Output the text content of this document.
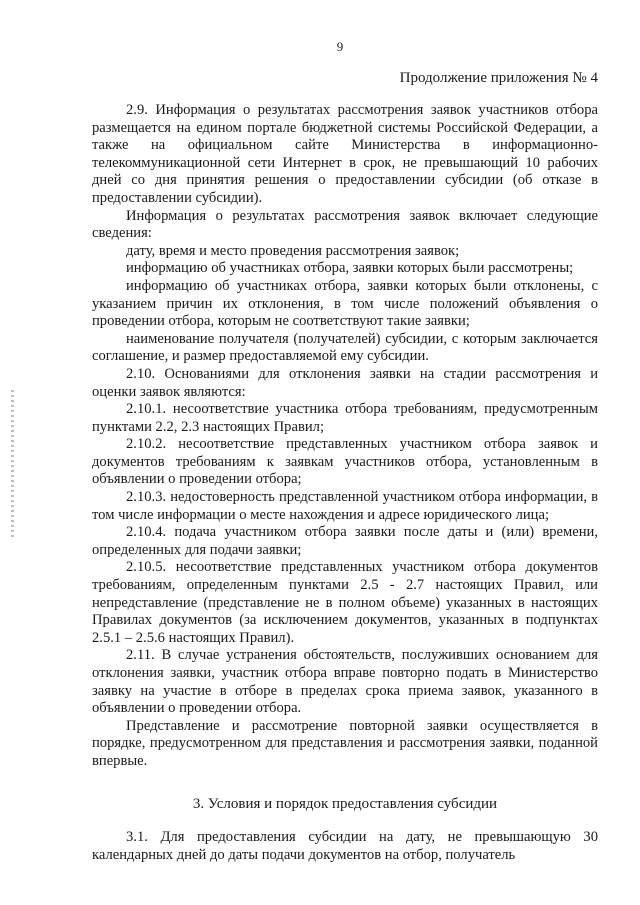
9
Продолжение приложения № 4

2.9. Информация о результатах рассмотрения заявок участников отбора размещается на едином портале бюджетной системы Российской Федерации, а также на официальном сайте Министерства в информационно-телекоммуникационной сети Интернет в срок, не превышающий 10 рабочих дней со дня принятия решения о предоставлении субсидии (об отказе в предоставлении субсидии).

Информация о результатах рассмотрения заявок включает следующие сведения:

дату, время и место проведения рассмотрения заявок;

информацию об участниках отбора, заявки которых были рассмотрены;

информацию об участниках отбора, заявки которых были отклонены, с указанием причин их отклонения, в том числе положений объявления о проведении отбора, которым не соответствуют такие заявки;

наименование получателя (получателей) субсидии, с которым заключается соглашение, и размер предоставляемой ему субсидии.

2.10. Основаниями для отклонения заявки на стадии рассмотрения и оценки заявок являются:

2.10.1. несоответствие участника отбора требованиям, предусмотренным пунктами 2.2, 2.3 настоящих Правил;

2.10.2. несоответствие представленных участником отбора заявок и документов требованиям к заявкам участников отбора, установленным в объявлении о проведении отбора;

2.10.3. недостоверность представленной участником отбора информации, в том числе информации о месте нахождения и адресе юридического лица;

2.10.4. подача участником отбора заявки после даты и (или) времени, определенных для подачи заявки;

2.10.5. несоответствие представленных участником отбора документов требованиям, определенным пунктами 2.5 - 2.7 настоящих Правил, или непредставление (представление не в полном объеме) указанных в настоящих Правилах документов (за исключением документов, указанных в подпунктах 2.5.1 – 2.5.6 настоящих Правил).

2.11. В случае устранения обстоятельств, послуживших основанием для отклонения заявки, участник отбора вправе повторно подать в Министерство заявку на участие в отборе в пределах срока приема заявок, указанного в объявлении о проведении отбора.

Представление и рассмотрение повторной заявки осуществляется в порядке, предусмотренном для представления и рассмотрения заявки, поданной впервые.

3. Условия и порядок предоставления субсидии

3.1. Для предоставления субсидии на дату, не превышающую 30 календарных дней до даты подачи документов на отбор, получатель
